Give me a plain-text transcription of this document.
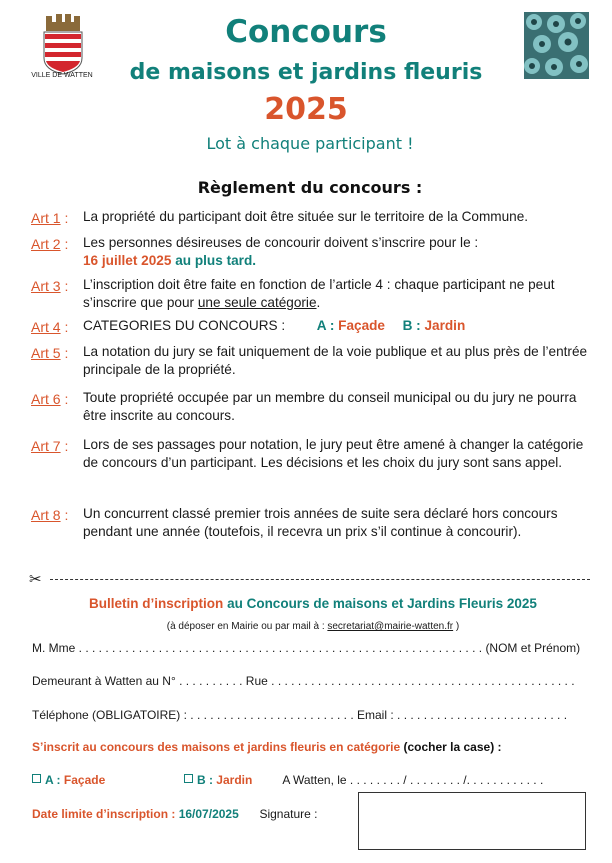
VILLE DE WATTEN
Concours
de maisons et jardins fleuris
2025
Lot à chaque participant !
Règlement du concours :
Art 1 : La propriété du participant doit être située sur le territoire de la Commune.
Art 2 : Les personnes désireuses de concourir doivent s’inscrire pour le :
16 juillet 2025 au plus tard.
Art 3 : L’inscription doit être faite en fonction de l’article 4 : chaque participant ne peut s’inscrire que pour une seule catégorie.
Art 4 : CATEGORIES DU CONCOURS : A : Façade B : Jardin
Art 5 : La notation du jury se fait uniquement de la voie publique et au plus près de l’entrée principale de la propriété.
Art 6 : Toute propriété occupée par un membre du conseil municipal ou du jury ne pourra être inscrite au concours.
Art 7 : Lors de ses passages pour notation, le jury peut être amené à changer la catégorie de concours d’un participant. Les décisions et les choix du jury sont sans appel.
Art 8 : Un concurrent classé premier trois années de suite sera déclaré hors concours pendant une année (toutefois, il recevra un prix s’il continue à concourir).
✂
Bulletin d’inscription au Concours de maisons et Jardins Fleuris 2025
(à déposer en Mairie ou par mail à : secretariat@mairie-watten.fr )
M. Mme . . . . . . . . . . . . . . . . . . . . . . . . . . . . . . . . . . . . . . . . . . . . . . . . . . . . . . . . . . . . . (NOM et Prénom)
Demeurant à Watten au N° . . . . . . . . . . Rue . . . . . . . . . . . . . . . . . . . . . . . . . . . . . . . . . . . . . . . . . . . . . .
Téléphone (OBLIGATOIRE) : . . . . . . . . . . . . . . . . . . . . . . . . . Email : . . . . . . . . . . . . . . . . . . . . . . . . . .
S’inscrit au concours des maisons et jardins fleuris en catégorie (cocher la case) :
A : Façade	B : Jardin	A Watten, le . . . . . . . . / . . . . . . . . /. . . . . . . . . . . .
Date limite d’inscription : 16/07/2025 Signature :
